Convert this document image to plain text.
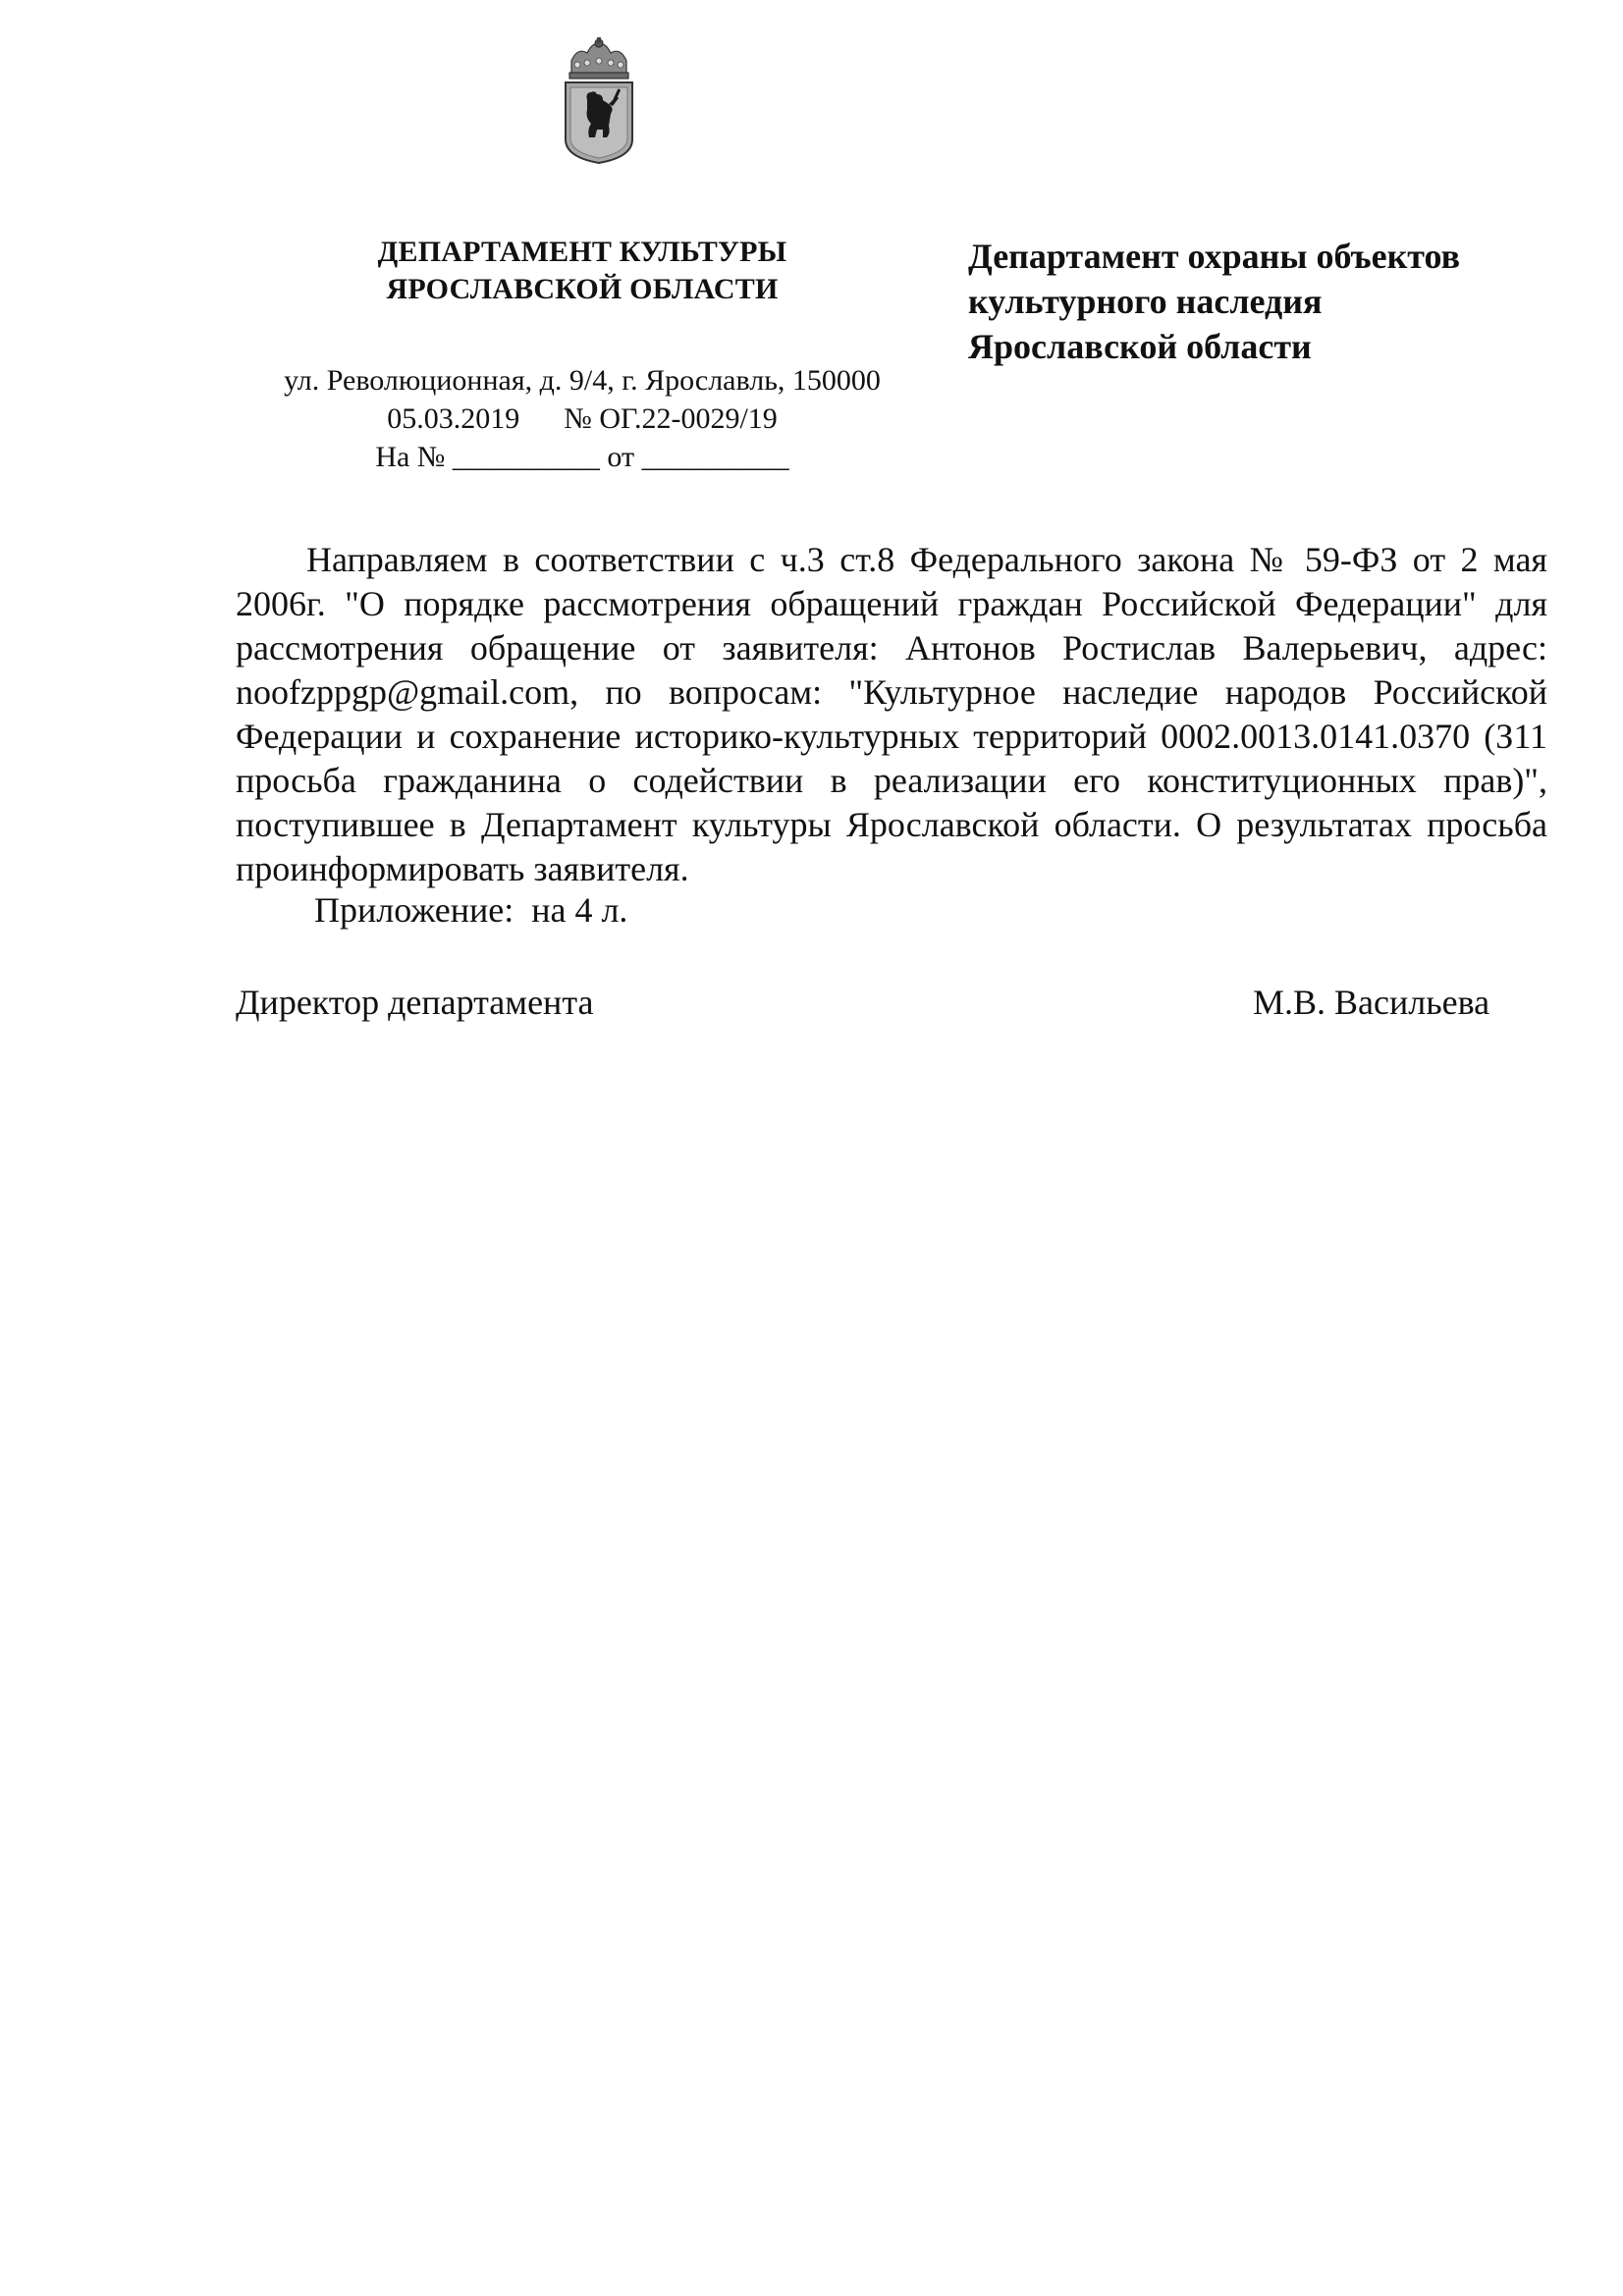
ДЕПАРТАМЕНТ КУЛЬТУРЫ

ЯРОСЛАВСКОЙ ОБЛАСТИ

ул. Революционная, д. 9/4, г. Ярославль, 150000
05.03.2019      № ОГ.22-0029/19
На № __________ от __________
Департамент охраны объектов
культурного наследия
Ярославской области

Направляем в соответствии с ч.3 ст.8 Федерального закона № 59-ФЗ от 2 мая 2006г. "О порядке рассмотрения обращений граждан Российской Федерации" для рассмотрения обращение от заявителя: Антонов Ростислав Валерьевич, адрес: noofzppgp@gmail.com, по вопросам: "Культурное наследие народов Российской Федерации и сохранение историко-культурных территорий 0002.0013.0141.0370 (З11 просьба гражданина о содействии в реализации его конституционных прав)", поступившее в Департамент культуры Ярославской области. О результатах просьба проинформировать заявителя.

Приложение:  на 4 л.
Директор департамента	М.В. Васильева
